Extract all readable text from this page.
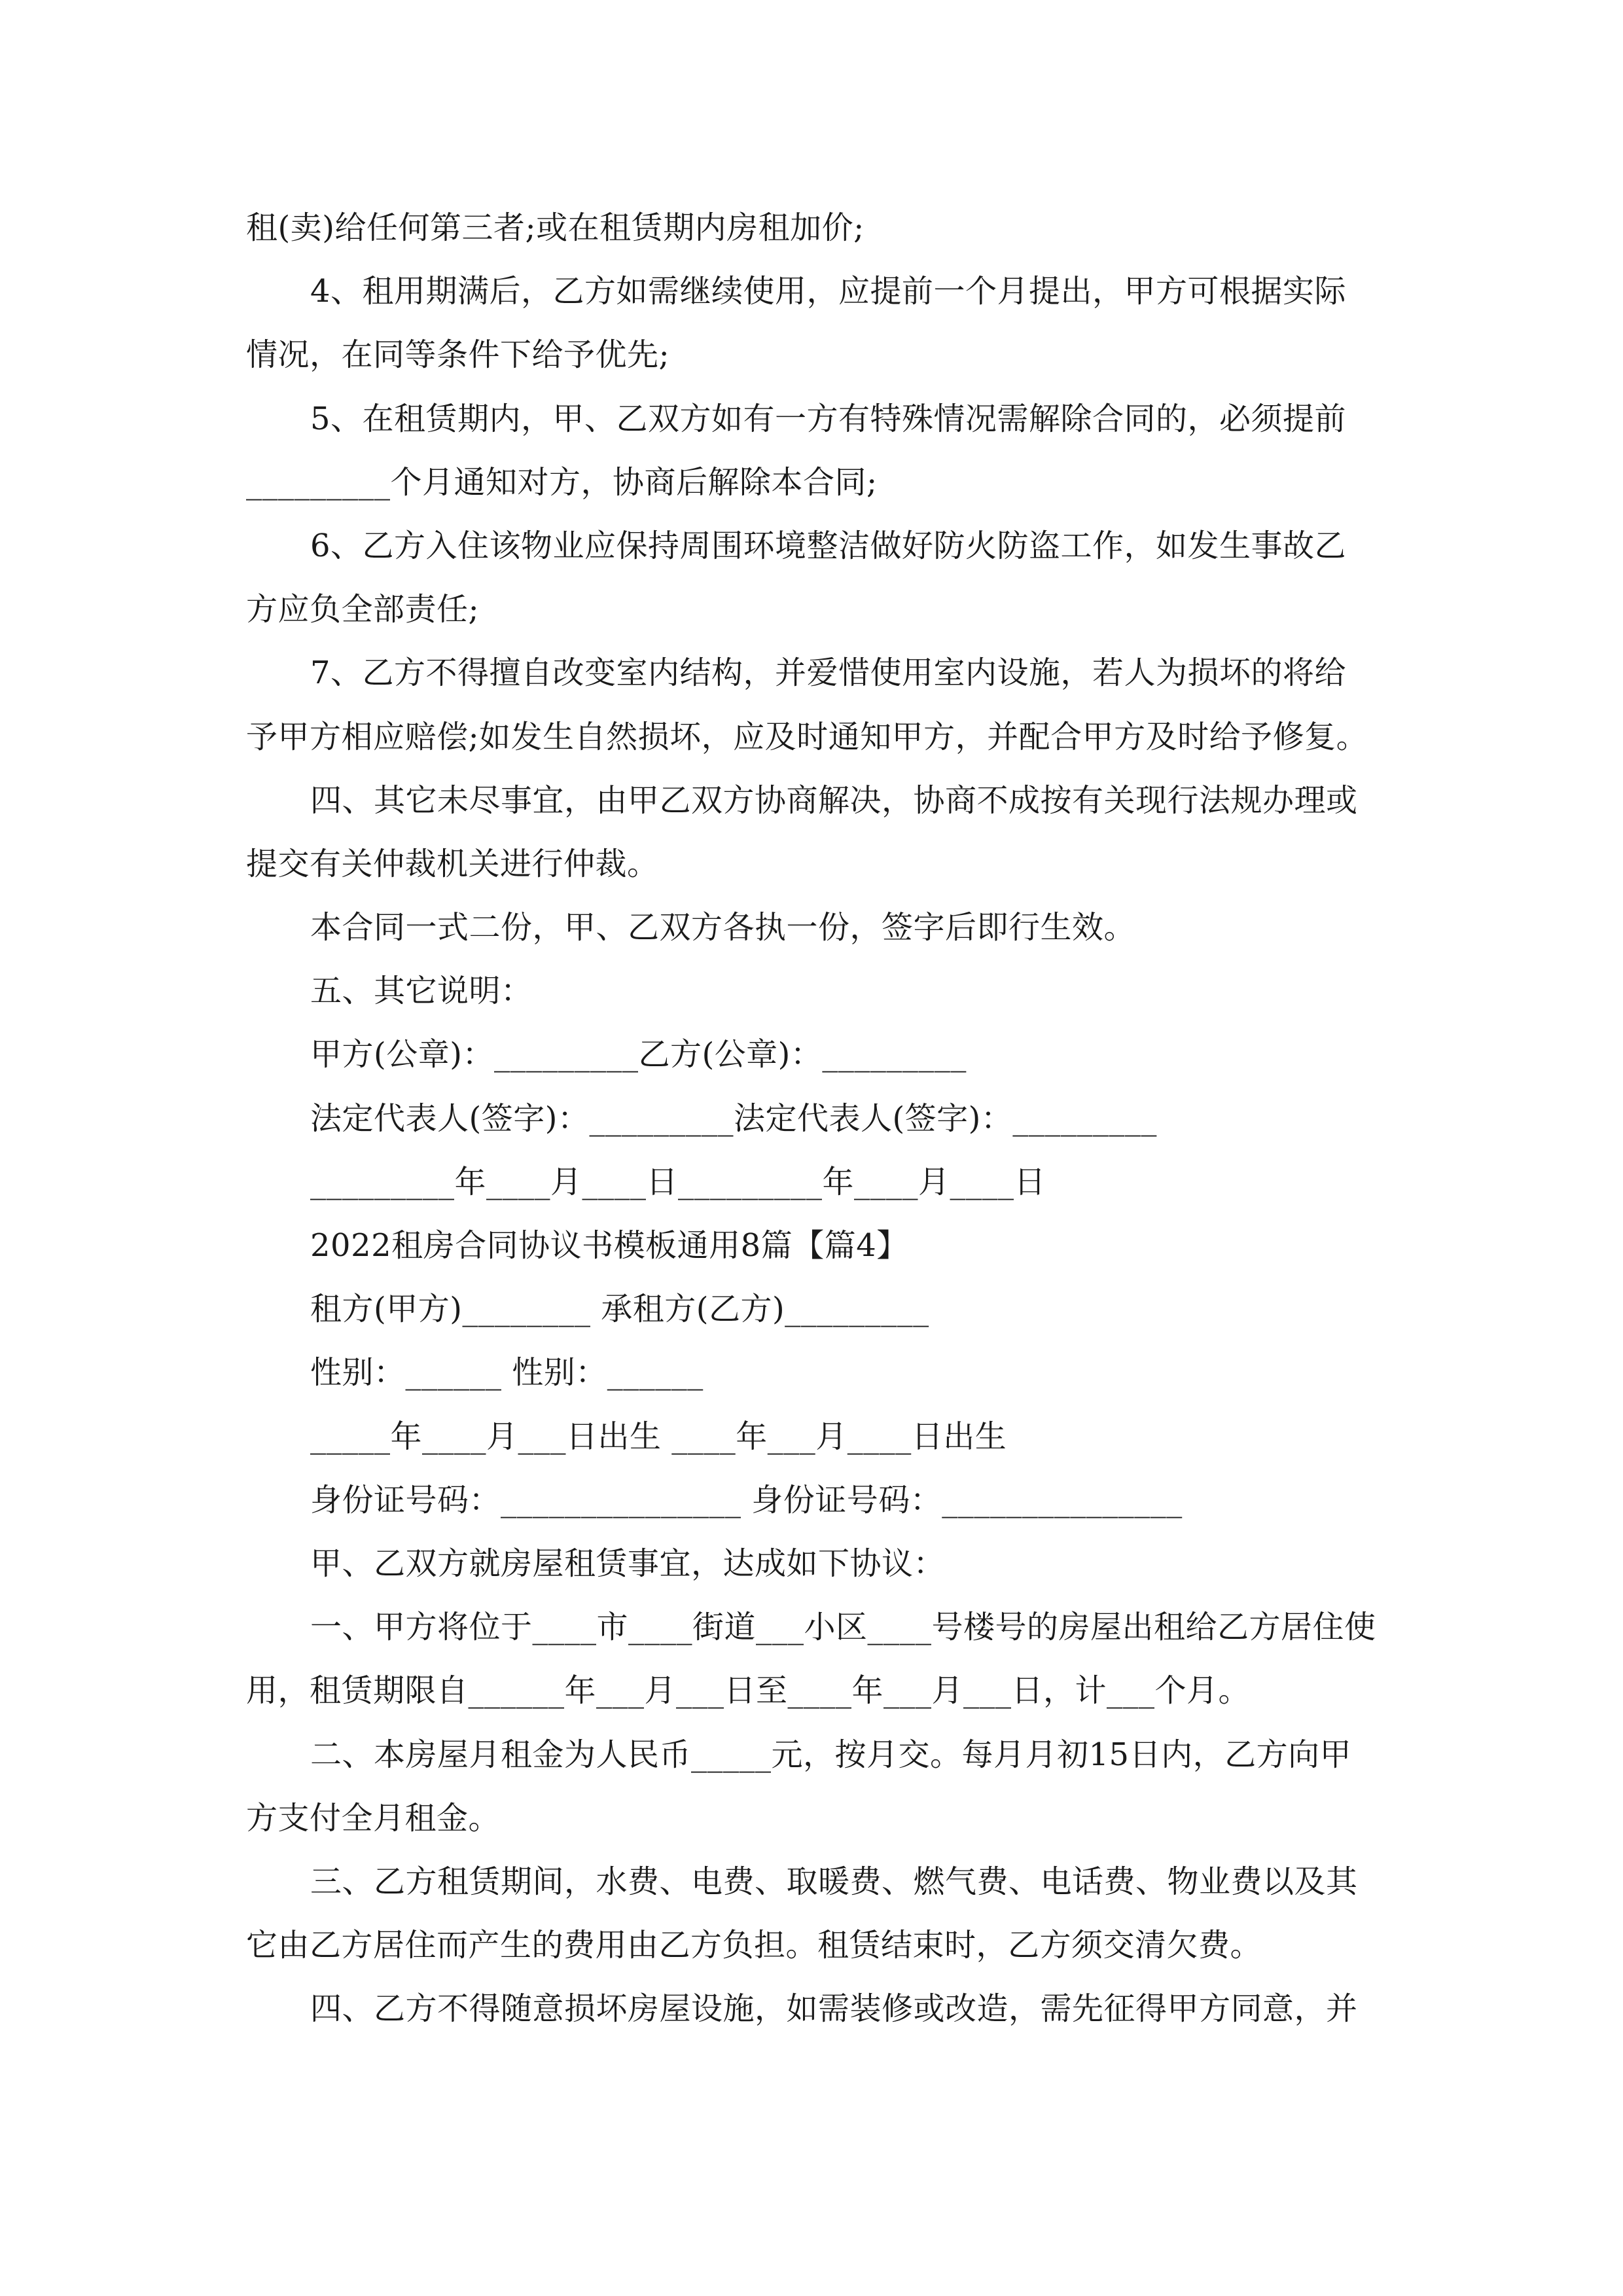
租(卖)给任何第三者;或在租赁期内房租加价;
4、租用期满后，乙方如需继续使用，应提前一个月提出，甲方可根据实际
情况，在同等条件下给予优先;
5、在租赁期内，甲、乙双方如有一方有特殊情况需解除合同的，必须提前
_________个月通知对方，协商后解除本合同;
6、乙方入住该物业应保持周围环境整洁做好防火防盗工作，如发生事故乙
方应负全部责任;
7、乙方不得擅自改变室内结构，并爱惜使用室内设施，若人为损坏的将给
予甲方相应赔偿;如发生自然损坏，应及时通知甲方，并配合甲方及时给予修复。
四、其它未尽事宜，由甲乙双方协商解决，协商不成按有关现行法规办理或
提交有关仲裁机关进行仲裁。
本合同一式二份，甲、乙双方各执一份，签字后即行生效。
五、其它说明：
甲方(公章)：_________乙方(公章)：_________
法定代表人(签字)：_________法定代表人(签字)：_________
_________年____月____日_________年____月____日
2022租房合同协议书模板通用8篇【篇4】
租方(甲方)________ 承租方(乙方)_________
性别：______ 性别：______
_____年____月___日出生 ____年___月____日出生
身份证号码：_______________ 身份证号码：_______________
甲、乙双方就房屋租赁事宜，达成如下协议：
一、甲方将位于____市____街道___小区____号楼号的房屋出租给乙方居住使
用，租赁期限自______年___月___日至____年___月___日，计___个月。
二、本房屋月租金为人民币_____元，按月交。每月月初15日内，乙方向甲
方支付全月租金。
三、乙方租赁期间，水费、电费、取暖费、燃气费、电话费、物业费以及其
它由乙方居住而产生的费用由乙方负担。租赁结束时，乙方须交清欠费。
四、乙方不得随意损坏房屋设施，如需装修或改造，需先征得甲方同意，并
